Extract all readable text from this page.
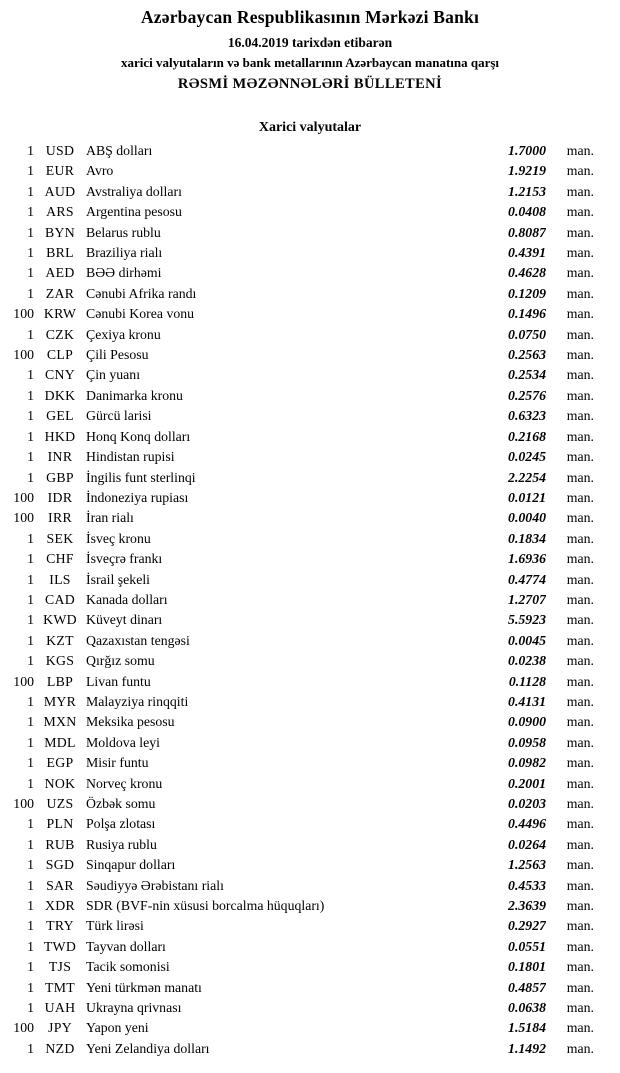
Azərbaycan Respublikasının Mərkəzi Bankı
16.04.2019 tarixdən etibarən
xarici valyutaların və bank metallarının Azərbaycan manatına qarşı
RƏSMİ MƏZƏNNƏLƏRİ BÜLLETENİ
Xarici valyutalar
1	USD	ABŞ dolları	1.7000	man.
1	EUR	Avro	1.9219	man.
1	AUD	Avstraliya dolları	1.2153	man.
1	ARS	Argentina pesosu	0.0408	man.
1	BYN	Belarus rublu	0.8087	man.
1	BRL	Braziliya rialı	0.4391	man.
1	AED	BƏƏ dirhəmi	0.4628	man.
1	ZAR	Cənubi Afrika randı	0.1209	man.
100	KRW	Cənubi Korea vonu	0.1496	man.
1	CZK	Çexiya kronu	0.0750	man.
100	CLP	Çili Pesosu	0.2563	man.
1	CNY	Çin yuanı	0.2534	man.
1	DKK	Danimarka kronu	0.2576	man.
1	GEL	Gürcü larisi	0.6323	man.
1	HKD	Honq Konq dolları	0.2168	man.
1	INR	Hindistan rupisi	0.0245	man.
1	GBP	İngilis funt sterlinqi	2.2254	man.
100	IDR	İndoneziya rupiası	0.0121	man.
100	IRR	İran rialı	0.0040	man.
1	SEK	İsveç kronu	0.1834	man.
1	CHF	İsveçrə frankı	1.6936	man.
1	ILS	İsrail şekeli	0.4774	man.
1	CAD	Kanada dolları	1.2707	man.
1	KWD	Küveyt dinarı	5.5923	man.
1	KZT	Qazaxıstan tengəsi	0.0045	man.
1	KGS	Qırğız somu	0.0238	man.
100	LBP	Livan funtu	0.1128	man.
1	MYR	Malayziya rinqqiti	0.4131	man.
1	MXN	Meksika pesosu	0.0900	man.
1	MDL	Moldova leyi	0.0958	man.
1	EGP	Misir funtu	0.0982	man.
1	NOK	Norveç kronu	0.2001	man.
100	UZS	Özbək somu	0.0203	man.
1	PLN	Polşa zlotası	0.4496	man.
1	RUB	Rusiya rublu	0.0264	man.
1	SGD	Sinqapur dolları	1.2563	man.
1	SAR	Səudiyyə Ərəbistanı rialı	0.4533	man.
1	XDR	SDR (BVF-nin xüsusi borcalma hüquqları)	2.3639	man.
1	TRY	Türk lirəsi	0.2927	man.
1	TWD	Tayvan dolları	0.0551	man.
1	TJS	Tacik somonisi	0.1801	man.
1	TMT	Yeni türkmən manatı	0.4857	man.
1	UAH	Ukrayna qrivnası	0.0638	man.
100	JPY	Yapon yeni	1.5184	man.
1	NZD	Yeni Zelandiya dolları	1.1492	man.
